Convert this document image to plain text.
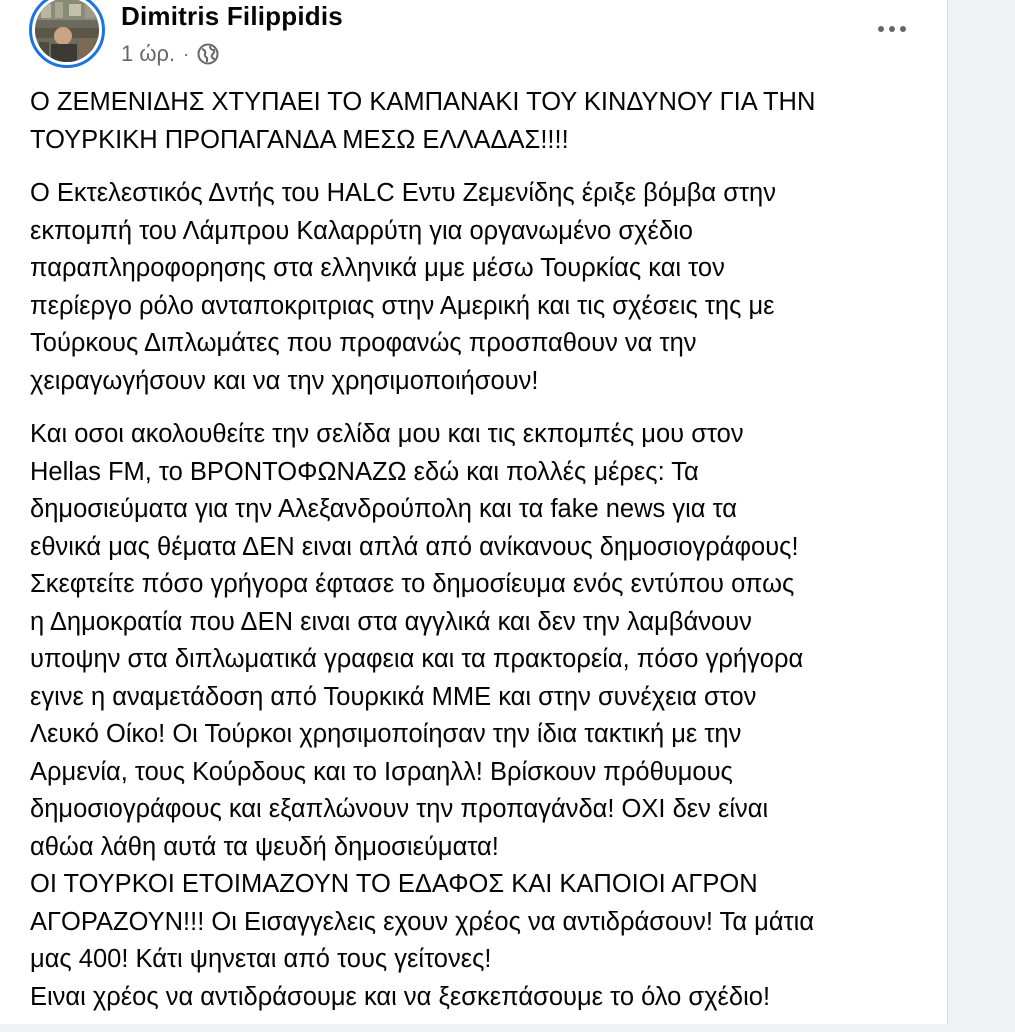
Dimitris Filippidis
1 ώρ. ·

Ο ΖΕΜΕΝΙΔΗΣ ΧΤΥΠΑΕΙ ΤΟ ΚΑΜΠΑΝΑΚΙ ΤΟΥ ΚΙΝΔΥΝΟΥ ΓΙΑ ΤΗΝ
ΤΟΥΡΚΙΚΗ ΠΡΟΠΑΓΑΝΔΑ ΜΕΣΩ ΕΛΛΑΔΑΣ!!!!

Ο Εκτελεστικός Δντής του HALC Εντυ Ζεμενίδης έριξε βόμβα στην
εκπομπή του Λάμπρου Καλαρρύτη για οργανωμένο σχέδιο
παραπληροφορησης στα ελληνικά μμε μέσω Τουρκίας και τον
περίεργο ρόλο ανταποκριτριας στην Αμερική και τις σχέσεις της με
Τούρκους Διπλωμάτες που προφανώς προσπαθουν να την
χειραγωγήσουν και να την χρησιμοποιήσουν!

Και οσοι ακολουθείτε την σελίδα μου και τις εκπομπές μου στον
Hellas FM, το ΒΡΟΝΤΟΦΩΝΑΖΩ εδώ και πολλές μέρες: Τα
δημοσιεύματα για την Αλεξανδρούπολη και τα fake news για τα
εθνικά μας θέματα ΔΕΝ ειναι απλά από ανίκανους δημοσιογράφους!
Σκεφτείτε πόσο γρήγορα έφτασε το δημοσίευμα ενός εντύπου οπως
η Δημοκρατία που ΔΕΝ ειναι στα αγγλικά και δεν την λαμβάνουν
υποψην στα διπλωματικά γραφεια και τα πρακτορεία, πόσο γρήγορα
εγινε η αναμετάδοση από Τουρκικά ΜΜΕ και στην συνέχεια στον
Λευκό Οίκο! Οι Τούρκοι χρησιμοποίησαν την ίδια τακτική με την
Αρμενία, τους Κούρδους και το Ισραηλλ! Βρίσκουν πρόθυμους
δημοσιογράφους και εξαπλώνουν την προπαγάνδα! ΟΧΙ δεν είναι
αθώα λάθη αυτά τα ψευδή δημοσιεύματα!
ΟΙ ΤΟΥΡΚΟΙ ΕΤΟΙΜΑΖΟΥΝ ΤΟ ΕΔΑΦΟΣ ΚΑΙ ΚΑΠΟΙΟΙ ΑΓΡΟΝ
ΑΓΟΡΑΖΟΥΝ!!! Οι Εισαγγελεις εχουν χρέος να αντιδράσουν! Τα μάτια
μας 400! Κάτι ψηνεται από τους γείτονες!
Ειναι χρέος να αντιδράσουμε και να ξεσκεπάσουμε το όλο σχέδιο!
